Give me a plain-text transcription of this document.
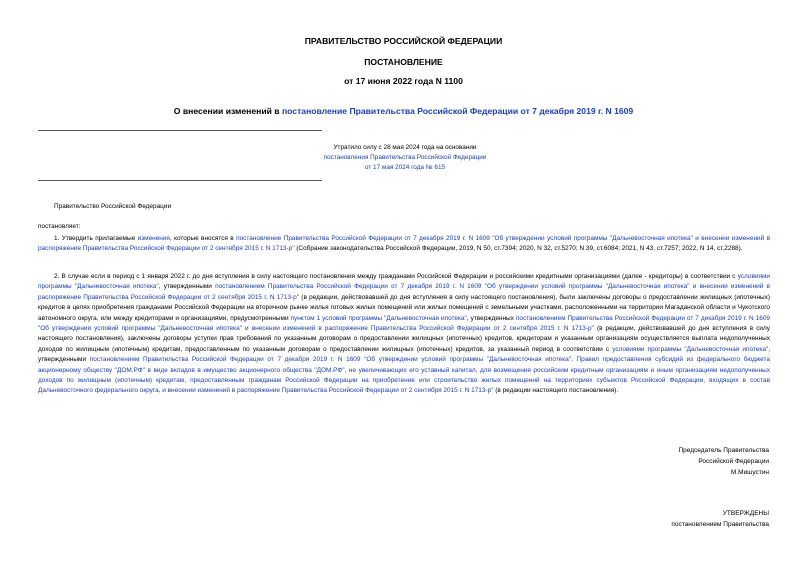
ПРАВИТЕЛЬСТВО РОССИЙСКОЙ ФЕДЕРАЦИИ
ПОСТАНОВЛЕНИЕ
от 17 июня 2022 года N 1100
О внесении изменений в постановление Правительства Российской Федерации от 7 декабря 2019 г. N 1609
Утратило силу с 28 мая 2024 года на основании
постановления Правительства Российской Федерации
от 17 мая 2024 года № 615
Правительство Российской Федерации
постановляет:
1. Утвердить прилагаемые изменения, которые вносятся в постановление Правительства Российской Федерации от 7 декабря 2019 г. N 1609 "Об утверждении условий программы "Дальневосточная ипотека" и внесении изменений в распоряжение Правительства Российской Федерации от 2 сентября 2015 г. N 1713-р" (Собрание законодательства Российской Федерации, 2019, N 50, ст.7394; 2020, N 32, ст.5270; N 39, ст.6084; 2021, N 43, ст.7257; 2022, N 14, ст.2288).
2. В случае если в период с 1 января 2022 г. до дня вступления в силу настоящего постановления между гражданами Российской Федерации и российскими кредитными организациями (далее - кредиторы) в соответствии с условиями программы "Дальневосточная ипотека", утвержденными постановлением Правительства Российской Федерации от 7 декабря 2019 г. N 1609 "Об утверждении условий программы "Дальневосточная ипотека" и внесении изменений в распоряжение Правительства Российской Федерации от 2 сентября 2015 г. N 1713-р" (в редакции, действовавшей до дня вступления в силу настоящего постановления), были заключены договоры о предоставлении жилищных (ипотечных) кредитов в целях приобретения гражданами Российской Федерации на вторичном рынке жилья готовых жилых помещений или жилых помещений с земельными участками, расположенными на территории Магаданской области и Чукотского автономного округа, или между кредиторами и организациями, предусмотренными пунктом 1 условий программы "Дальневосточная ипотека", утвержденных постановлением Правительства Российской Федерации от 7 декабря 2019 г. N 1609 "Об утверждении условий программы "Дальневосточная ипотека" и внесении изменений в распоряжение Правительства Российской Федерации от 2 сентября 2015 г. N 1713-р" (в редакции, действовавшей до дня вступления в силу настоящего постановления), заключены договоры уступки прав требований по указанным договорам о предоставлении жилищных (ипотечных) кредитов, кредиторам и указанным организациям осуществляется выплата недополученных доходов по жилищным (ипотечным) кредитам, предоставленным по указанным договорам о предоставлении жилищных (ипотечных) кредитов, за указанный период в соответствии с условиями программы "Дальневосточная ипотека", утвержденными постановлением Правительства Российской Федерации от 7 декабря 2019 г. N 1609 "Об утверждении условий программы "Дальневосточная ипотека", Правил предоставления субсидий из федерального бюджета акционерному обществу "ДОМ.РФ" в виде вкладов в имущество акционерного общества "ДОМ.РФ", не увеличивающих его уставный капитал, для возмещения российским кредитным организациям и иным организациям недополученных доходов по жилищным (ипотечным) кредитам, предоставленным гражданам Российской Федерации на приобретение или строительство жилых помещений на территориях субъектов Российской Федерации, входящих в состав Дальневосточного федерального округа, и внесении изменений в распоряжение Правительства Российской Федерации от 2 сентября 2015 г. N 1713-р" (в редакции настоящего постановления).
Председатель Правительства
Российской Федерации
М.Мишустин
УТВЕРЖДЕНЫ
постановлением Правительства
